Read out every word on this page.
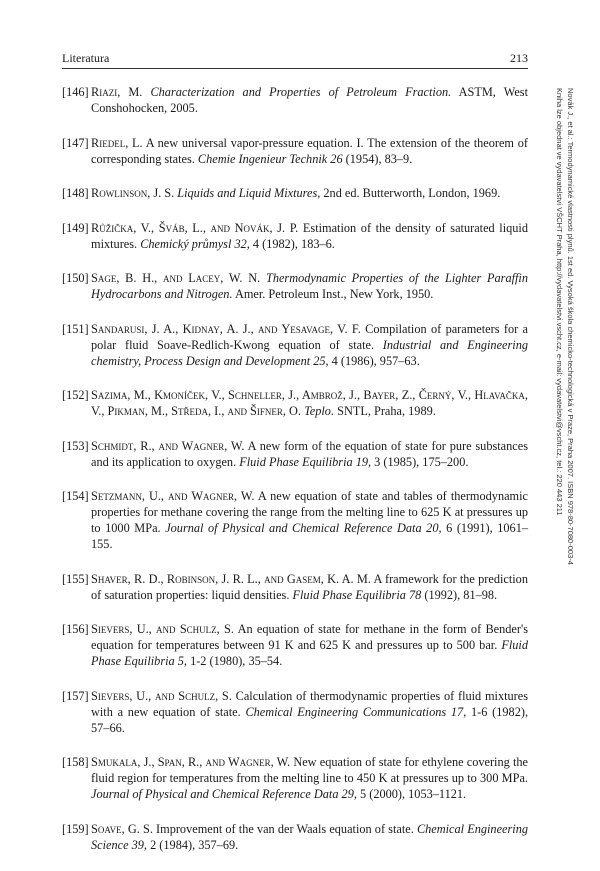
Literatura	213
[146] Riazi, M. Characterization and Properties of Petroleum Fraction. ASTM, West Conshohocken, 2005.
[147] Riedel, L. A new universal vapor-pressure equation. I. The extension of the theorem of corresponding states. Chemie Ingenieur Technik 26 (1954), 83–9.
[148] Rowlinson, J. S. Liquids and Liquid Mixtures, 2nd ed. Butterworth, London, 1969.
[149] Růžička, V., Šváb, L., and Novák, J. P. Estimation of the density of saturated liquid mixtures. Chemický průmysl 32, 4 (1982), 183–6.
[150] Sage, B. H., and Lacey, W. N. Thermodynamic Properties of the Lighter Paraffin Hydrocarbons and Nitrogen. Amer. Petroleum Inst., New York, 1950.
[151] Sandarusi, J. A., Kidnay, A. J., and Yesavage, V. F. Compilation of parameters for a polar fluid Soave-Redlich-Kwong equation of state. Industrial and Engineering chemistry, Process Design and Development 25, 4 (1986), 957–63.
[152] Sazima, M., Kmoníček, V., Schneller, J., Ambrož, J., Bayer, Z., Černý, V., Hlavačka, V., Pikman, M., Středa, I., and Šifner, O. Teplo. SNTL, Praha, 1989.
[153] Schmidt, R., and Wagner, W. A new form of the equation of state for pure substances and its application to oxygen. Fluid Phase Equilibria 19, 3 (1985), 175–200.
[154] Setzmann, U., and Wagner, W. A new equation of state and tables of thermodynamic properties for methane covering the range from the melting line to 625 K at pressures up to 1000 MPa. Journal of Physical and Chemical Reference Data 20, 6 (1991), 1061–155.
[155] Shaver, R. D., Robinson, J. R. L., and Gasem, K. A. M. A framework for the prediction of saturation properties: liquid densities. Fluid Phase Equilibria 78 (1992), 81–98.
[156] Sievers, U., and Schulz, S. An equation of state for methane in the form of Bender's equation for temperatures between 91 K and 625 K and pressures up to 500 bar. Fluid Phase Equilibria 5, 1-2 (1980), 35–54.
[157] Sievers, U., and Schulz, S. Calculation of thermodynamic properties of fluid mixtures with a new equation of state. Chemical Engineering Communications 17, 1-6 (1982), 57–66.
[158] Smukala, J., Span, R., and Wagner, W. New equation of state for ethylene covering the fluid region for temperatures from the melting line to 450 K at pressures up to 300 MPa. Journal of Physical and Chemical Reference Data 29, 5 (2000), 1053–1121.
[159] Soave, G. S. Improvement of the van der Waals equation of state. Chemical Engineering Science 39, 2 (1984), 357–69.
Novák J., et al.: Termodynamické vlastnosti plynů. 1st ed. Vysoká škola chemicko-technologická v Praze, Praha 2007. ISBN 978-80-7080-003-4
Kniha lze objednat ve vydavatelství VŠCHT Praha, http://vydavatelstvi.vscht.cz, e-mail: vydavatelstvi@vscht.cz, tel.: 220 443 211
